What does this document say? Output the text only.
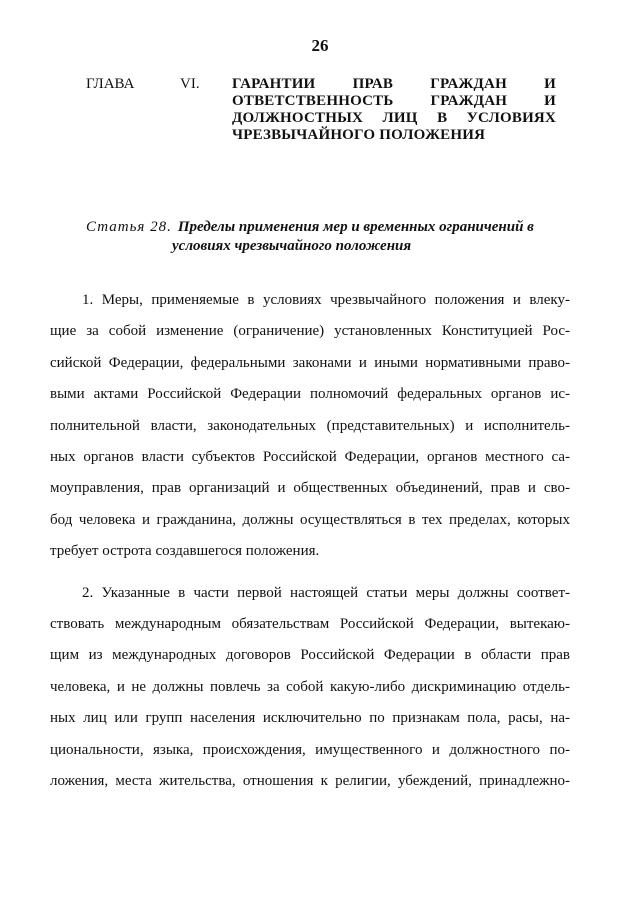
26
ГЛАВА	VI.	ГАРАНТИИ ПРАВ ГРАЖДАН И
ОТВЕТСТВЕННОСТЬ ГРАЖДАН И
ДОЛЖНОСТНЫХ ЛИЦ В УСЛОВИЯХ
ЧРЕЗВЫЧАЙНОГО ПОЛОЖЕНИЯ
Статья 28. Пределы применения мер и временных ограничений в
условиях чрезвычайного положения
1. Меры, применяемые в условиях чрезвычайного положения и влеку-
щие за собой изменение (ограничение) установленных Конституцией Рос-
сийской Федерации, федеральными законами и иными нормативными право-
выми актами Российской Федерации полномочий федеральных органов ис-
полнительной власти, законодательных (представительных) и исполнитель-
ных органов власти субъектов Российской Федерации, органов местного са-
моуправления, прав организаций и общественных объединений, прав и сво-
бод человека и гражданина, должны осуществляться в тех пределах, которых
требует острота создавшегося положения.
2. Указанные в части первой настоящей статьи меры должны соответ-
ствовать международным обязательствам Российской Федерации, вытекаю-
щим из международных договоров Российской Федерации в области прав
человека, и не должны повлечь за собой какую-либо дискриминацию отдель-
ных лиц или групп населения исключительно по признакам пола, расы, на-
циональности, языка, происхождения, имущественного и должностного по-
ложения, места жительства, отношения к религии, убеждений, принадлежно-
